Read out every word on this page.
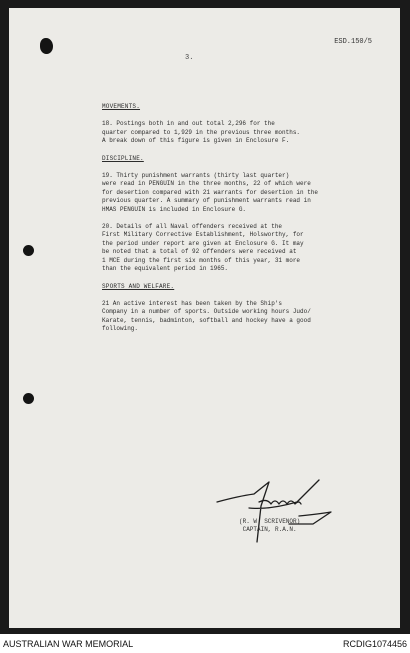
ESD.150/5
3.
MOVEMENTS.
18. Postings both in and out total 2,296 for the
quarter compared to 1,929 in the previous three months.
A break down of this figure is given in Enclosure F.
DISCIPLINE.
19. Thirty punishment warrants (thirty last quarter)
were read in PENGUIN in the three months, 22 of which were
for desertion compared with 21 warrants for desertion in the
previous quarter. A summary of punishment warrants read in
HMAS PENGUIN is included in Enclosure G.
20. Details of all Naval offenders received at the
First Military Corrective Establishment, Holsworthy, for
the period under report are given at Enclosure G. It may
be noted that a total of 92 offenders were received at
1 MCE during the first six months of this year, 31 more
than the equivalent period in 1965.
SPORTS AND WELFARE.
21 An active interest has been taken by the Ship's
Company in a number of sports. Outside working hours Judo/
Karate, tennis, badminton, softball and hockey have a good
following.
(R. W. SCRIVENOR)
CAPTAIN, R.A.N.
AUSTRALIAN WAR MEMORIAL	RCDIG1074456
